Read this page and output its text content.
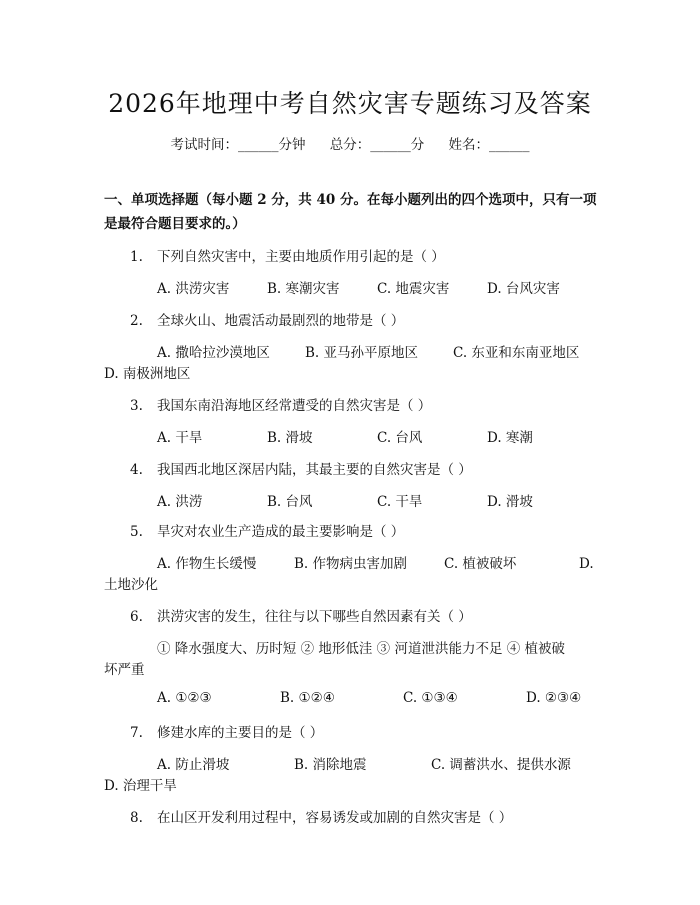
2026年地理中考自然灾害专题练习及答案
考试时间：______分钟 总分：______分 姓名：______
一、单项选择题（每小题 2 分，共 40 分。在每小题列出的四个选项中，只有一项是最符合题目要求的。）
1. 下列自然灾害中，主要由地质作用引起的是（ ）
A. 洪涝灾害	B. 寒潮灾害	C. 地震灾害	D. 台风灾害
2. 全球火山、地震活动最剧烈的地带是（ ）
A. 撒哈拉沙漠地区	B. 亚马孙平原地区	C. 东亚和东南亚地区
D. 南极洲地区
3. 我国东南沿海地区经常遭受的自然灾害是（ ）
A. 干旱	B. 滑坡	C. 台风	D. 寒潮
4. 我国西北地区深居内陆，其最主要的自然灾害是（ ）
A. 洪涝	B. 台风	C. 干旱	D. 滑坡
5. 旱灾对农业生产造成的最主要影响是（ ）
A. 作物生长缓慢	B. 作物病虫害加剧	C. 植被破坏	D.
土地沙化
6. 洪涝灾害的发生，往往与以下哪些自然因素有关（ ）
① 降水强度大、历时短 ② 地形低洼 ③ 河道泄洪能力不足 ④ 植被破
坏严重
A. ①②③	B. ①②④	C. ①③④	D. ②③④
7. 修建水库的主要目的是（ ）
A. 防止滑坡	B. 消除地震	C. 调蓄洪水、提供水源
D. 治理干旱
8. 在山区开发利用过程中，容易诱发或加剧的自然灾害是（ ）
